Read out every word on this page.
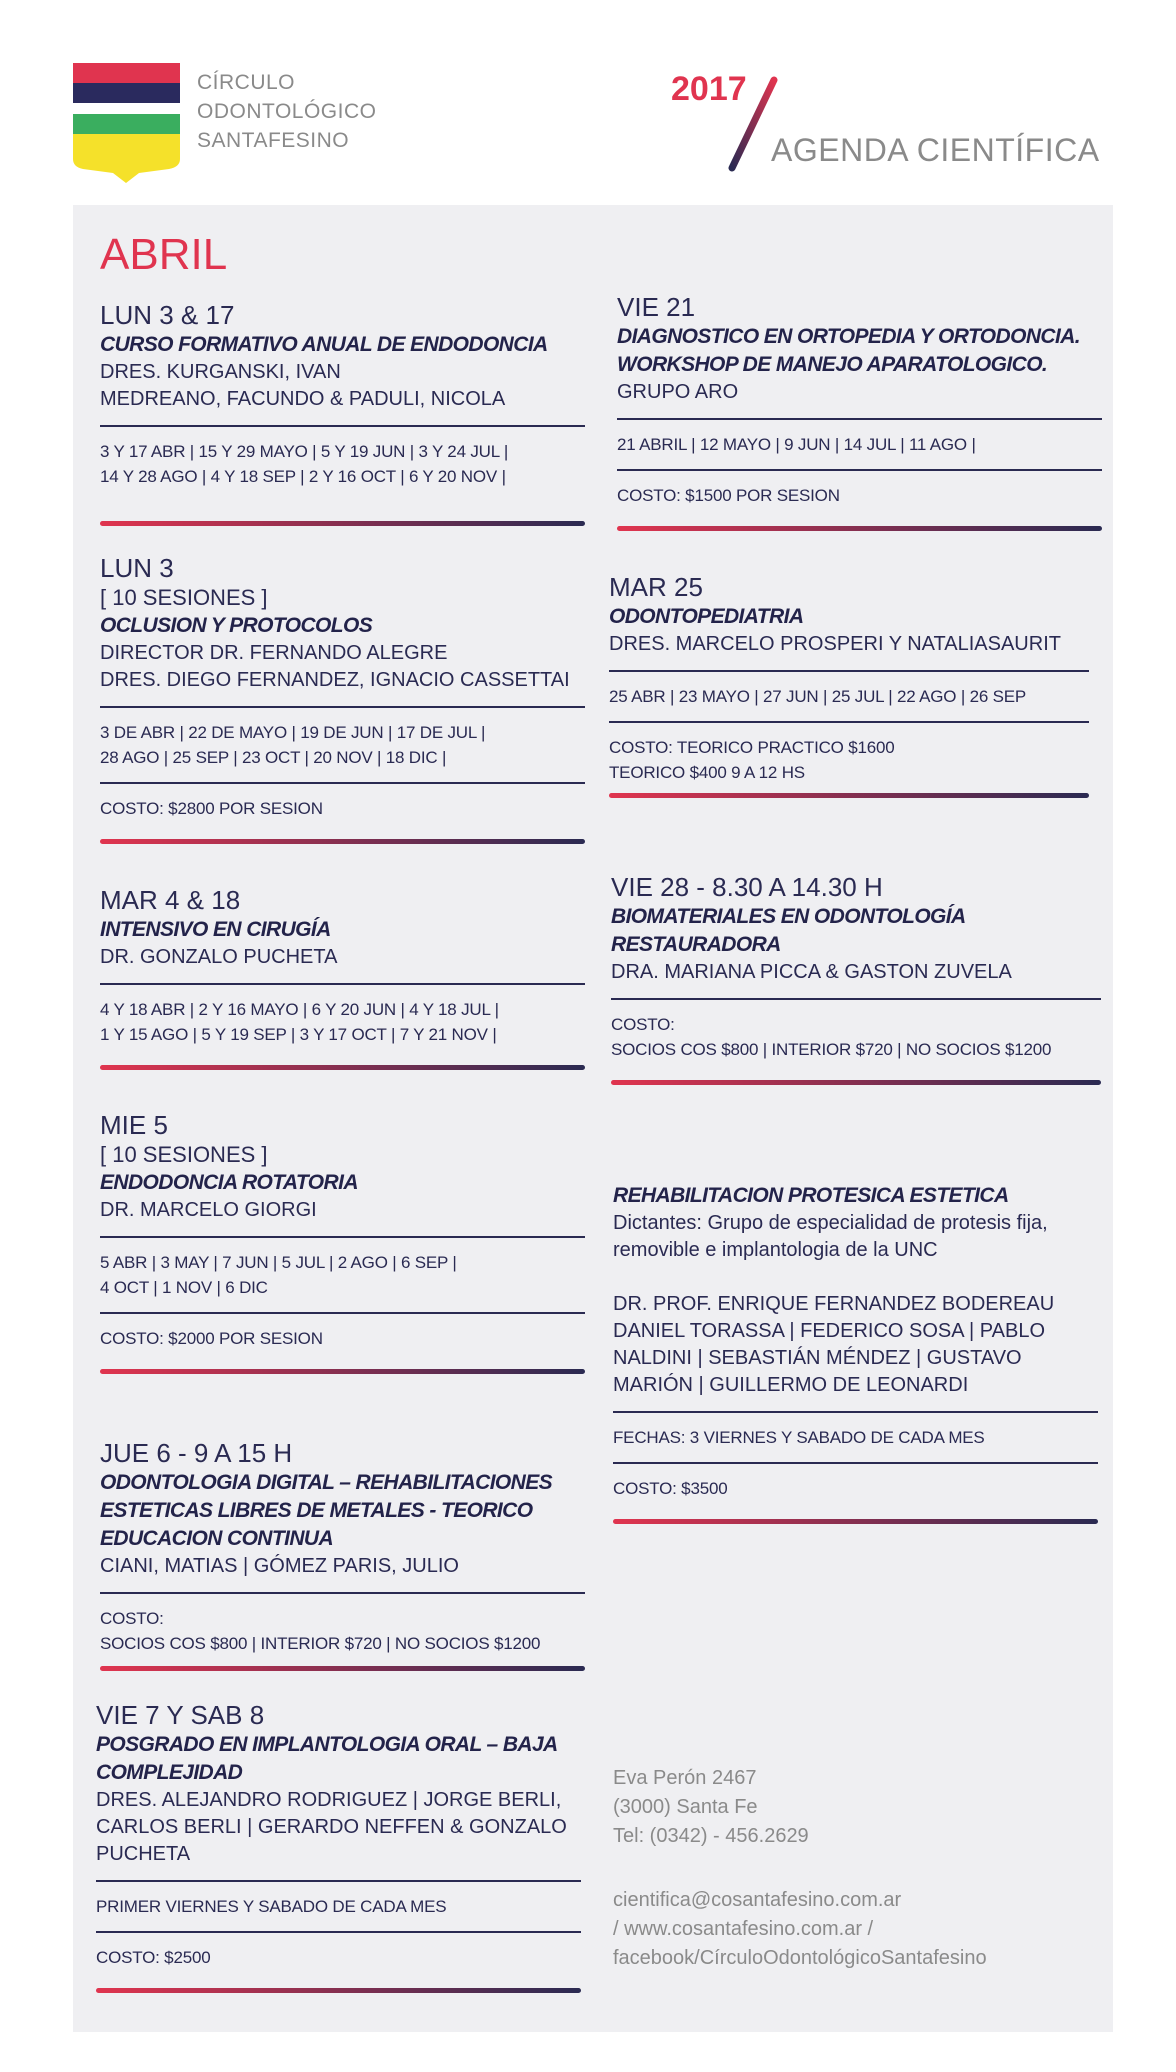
CÍRCULO
ODONTOLÓGICO
SANTAFESINO
2017
AGENDA CIENTÍFICA
ABRIL
LUN 3 & 17
CURSO FORMATIVO ANUAL DE ENDODONCIA
DRES. KURGANSKI, IVAN
MEDREANO, FACUNDO & PADULI, NICOLA
3 Y 17 ABR | 15 Y 29 MAYO | 5 Y 19 JUN | 3 Y 24 JUL |
14 Y 28 AGO | 4 Y 18 SEP | 2 Y 16 OCT | 6 Y 20 NOV |
LUN 3
[ 10 SESIONES ]
OCLUSION Y PROTOCOLOS
DIRECTOR DR. FERNANDO ALEGRE
DRES. DIEGO FERNANDEZ, IGNACIO CASSETTAI
3 DE ABR | 22 DE MAYO | 19 DE JUN | 17 DE JUL |
28 AGO | 25 SEP | 23 OCT | 20 NOV | 18 DIC |
COSTO: $2800 POR SESION
MAR 4 & 18
INTENSIVO EN CIRUGÍA
DR. GONZALO PUCHETA
4 Y 18 ABR | 2 Y 16 MAYO | 6 Y 20 JUN | 4 Y 18 JUL |
1 Y 15 AGO | 5 Y 19 SEP | 3 Y 17 OCT | 7 Y 21 NOV |
MIE 5
[ 10 SESIONES ]
ENDODONCIA ROTATORIA
DR. MARCELO GIORGI
5 ABR | 3 MAY | 7 JUN | 5 JUL | 2 AGO | 6 SEP |
4 OCT | 1 NOV | 6 DIC
COSTO: $2000 POR SESION
JUE 6 - 9 A 15 H
ODONTOLOGIA DIGITAL – REHABILITACIONES
ESTETICAS LIBRES DE METALES - TEORICO
EDUCACION CONTINUA
CIANI, MATIAS | GÓMEZ PARIS, JULIO
COSTO:
SOCIOS COS $800 | INTERIOR $720 | NO SOCIOS $1200
VIE 7 Y SAB 8
POSGRADO EN IMPLANTOLOGIA ORAL – BAJA
COMPLEJIDAD
DRES. ALEJANDRO RODRIGUEZ | JORGE BERLI,
CARLOS BERLI | GERARDO NEFFEN & GONZALO
PUCHETA
PRIMER VIERNES Y SABADO DE CADA MES
COSTO: $2500
VIE 21
DIAGNOSTICO EN ORTOPEDIA Y ORTODONCIA.
WORKSHOP DE MANEJO APARATOLOGICO.
GRUPO ARO
21 ABRIL | 12 MAYO | 9 JUN | 14 JUL | 11 AGO |
COSTO: $1500 POR SESION
MAR 25
ODONTOPEDIATRIA
DRES. MARCELO PROSPERI Y NATALIASAURIT
25 ABR | 23 MAYO | 27 JUN | 25 JUL | 22 AGO | 26 SEP
COSTO: TEORICO PRACTICO $1600
TEORICO $400 9 A 12 HS
VIE 28 - 8.30 A 14.30 H
BIOMATERIALES EN ODONTOLOGÍA
RESTAURADORA
DRA. MARIANA PICCA & GASTON ZUVELA
COSTO:
SOCIOS COS $800 | INTERIOR $720 | NO SOCIOS $1200
REHABILITACION PROTESICA ESTETICA
Dictantes: Grupo de especialidad de protesis fija,
removible e implantologia de la UNC
DR. PROF. ENRIQUE FERNANDEZ BODEREAU
DANIEL TORASSA | FEDERICO SOSA | PABLO
NALDINI | SEBASTIÁN MÉNDEZ | GUSTAVO
MARIÓN | GUILLERMO DE LEONARDI
FECHAS: 3 VIERNES Y SABADO DE CADA MES
COSTO: $3500
Eva Perón 2467
(3000) Santa Fe
Tel: (0342) - 456.2629
cientifica@cosantafesino.com.ar
/ www.cosantafesino.com.ar /
facebook/CírculoOdontológicoSantafesino
